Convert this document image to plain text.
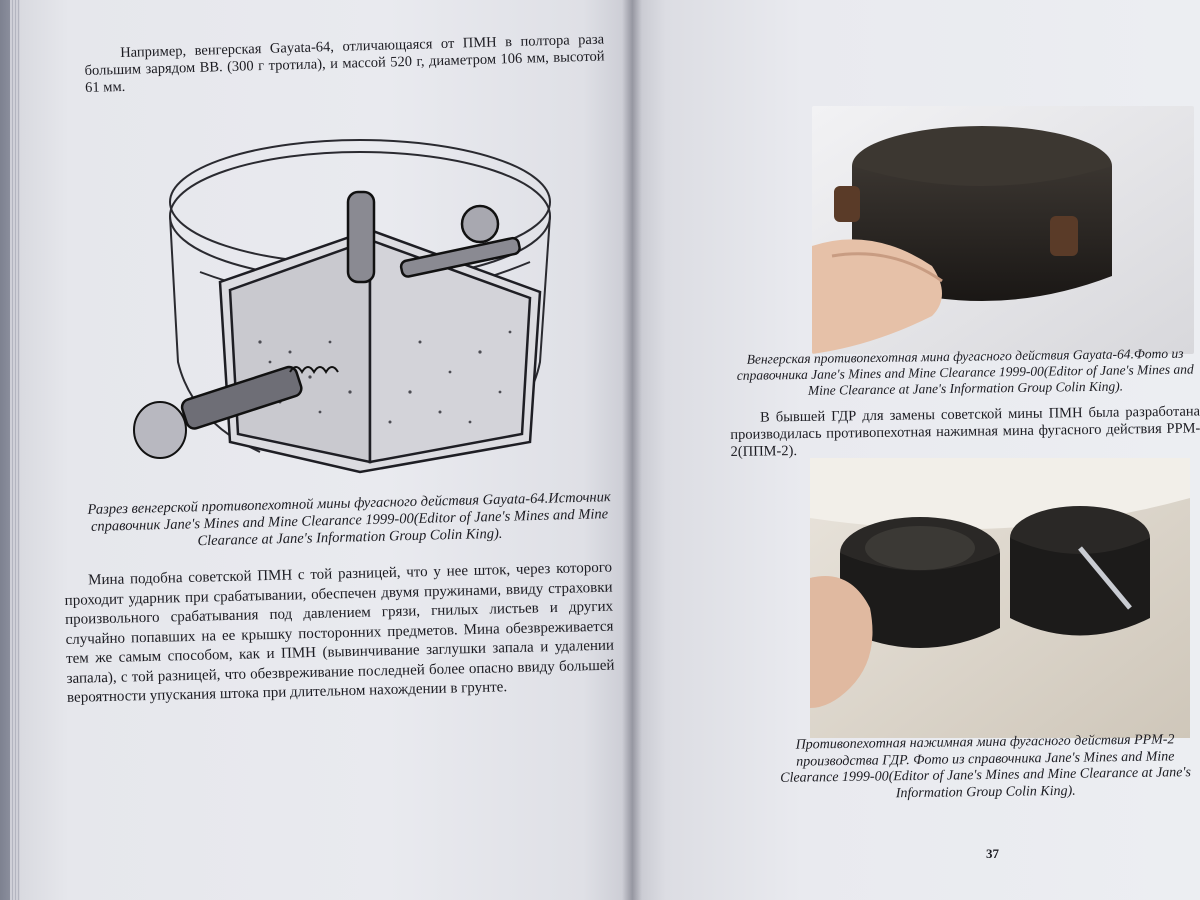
Например, венгерская Gayata-64, отличающаяся от ПМН в полтора раза большим зарядом ВВ. (300 г тротила), и массой 520 г, диаметром 106 мм, высотой 61 мм.

Разрез венгерской противопехотной мины фугасного действия Gayata-64.Источник справочник Jane's Mines and Mine Clearance 1999-00(Editor of Jane's Mines and Mine Clearance at Jane's Information Group Colin King).

Мина подобна советской ПМН с той разницей, что у нее шток, через которого проходит ударник при срабатывании, обеспечен двумя пружинами, ввиду страховки произвольного срабатывания под давлением грязи, гнилых листьев и других случайно попавших на ее крышку посторонних предметов. Мина обезвреживается тем же самым способом, как и ПМН (вывинчивание заглушки запала и удалении запала), с той разницей, что обезвреживание последней более опасно ввиду большей вероятности упускания штока при длительном нахождении в грунте.

Венгерская противопехотная мина фугасного действия Gayata-64.Фото из справочника Jane's Mines and Mine Clearance 1999-00(Editor of Jane's Mines and Mine Clearance at Jane's Information Group Colin King).

В бывшей ГДР для замены советской мины ПМН была разработана производилась противопехотная нажимная мина фугасного действия PPM-2(ППМ-2).

Противопехотная нажимная мина фугасного действия PPM-2 производства ГДР. Фото из справочника Jane's Mines and Mine Clearance 1999-00(Editor of Jane's Mines and Mine Clearance at Jane's Information Group Colin King).

37
